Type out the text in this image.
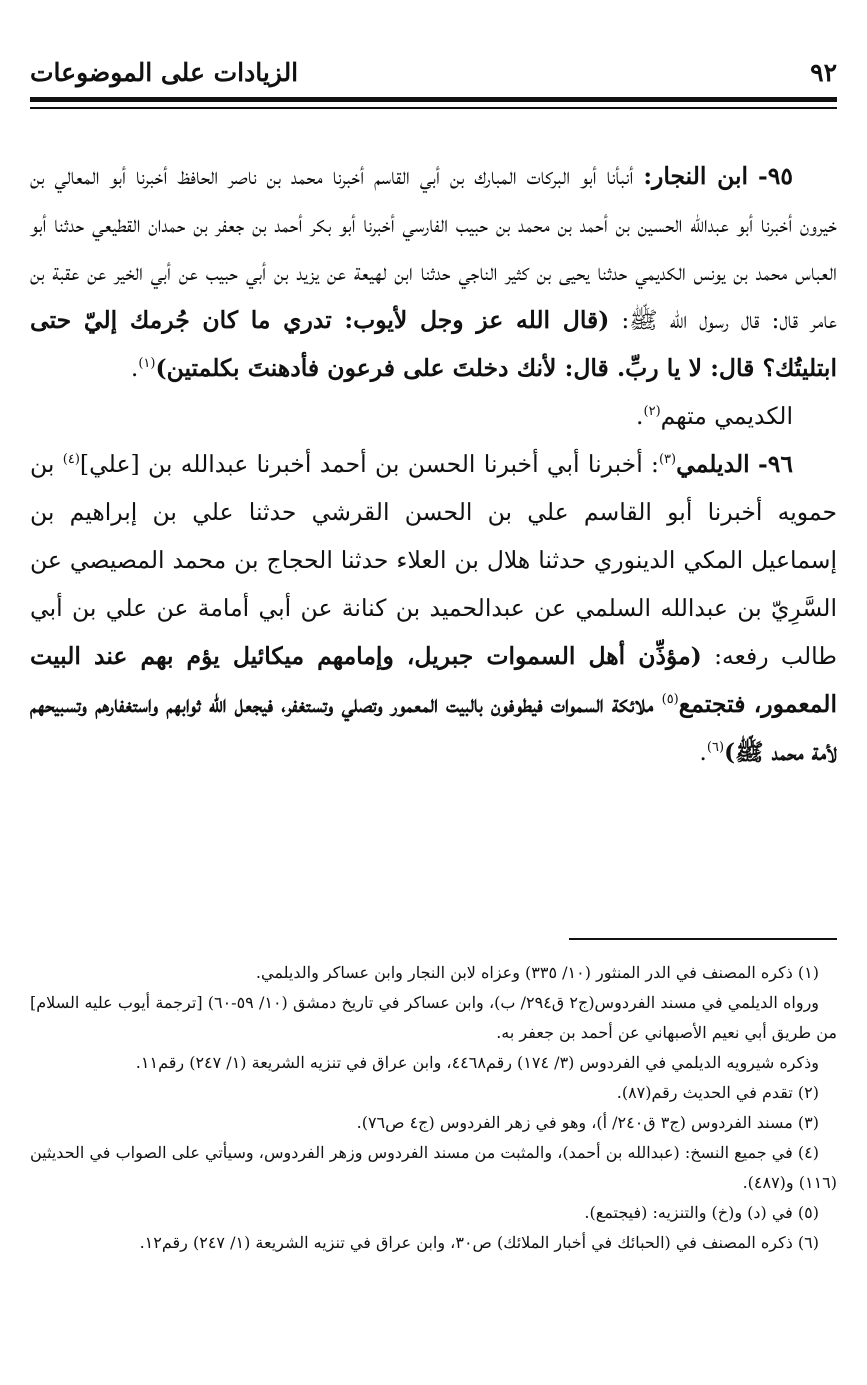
٩٢
الزيادات على الموضوعات

٩٥- ابن النجار: أنبأنا أبو البركات المبارك بن أبي القاسم أخبرنا محمد بن ناصر الحافظ أخبرنا أبو المعالي بن خيرون أخبرنا أبو عبدالله الحسين بن أحمد بن محمد بن حبيب الفارسي أخبرنا أبو بكر أحمد بن جعفر بن حمدان القطيعي حدثنا أبو العباس محمد بن يونس الكديمي حدثنا يحيى بن كثير الناجي حدثنا ابن لهيعة عن يزيد بن أبي حبيب عن أبي الخير عن عقبة بن عامر قال: قال رسول الله ﷺ: (قال الله عز وجل لأيوب: تدري ما كان جُرمك إليّ حتى ابتليتُك؟ قال: لا يا ربِّ. قال: لأنك دخلتَ على فرعون فأدهنتَ بكلمتين)$^{(١)}$.

الكديمي متهم$^{(٢)}$.

٩٦- الديلمي$^{(٣)}$: أخبرنا أبي أخبرنا الحسن بن أحمد أخبرنا عبدالله بن [علي]$^{(٤)}$ بن حمويه أخبرنا أبو القاسم علي بن الحسن القرشي حدثنا علي بن إبراهيم بن إسماعيل المكي الدينوري حدثنا هلال بن العلاء حدثنا الحجاج بن محمد المصيصي عن السَّرِيّ بن عبدالله السلمي عن عبدالحميد بن كنانة عن أبي أمامة عن علي بن أبي طالب رفعه: (مؤذِّن أهل السموات جبريل، وإمامهم ميكائيل يؤم بهم عند البيت المعمور، فتجتمع$^{(٥)}$ ملائكة السموات فيطوفون بالبيت المعمور وتصلي وتستغفر، فيجعل الله ثوابهم واستغفارهم وتسبيحهم لأمة محمد ﷺ)$^{(٦)}$.

(١) ذكره المصنف في الدر المنثور (١٠/ ٣٣٥) وعزاه لابن النجار وابن عساكر والديلمي.

ورواه الديلمي في مسند الفردوس(ج٢ ق٢٩٤/ ب)، وابن عساكر في تاريخ دمشق (١٠/ ٥٩-٦٠) [ترجمة أيوب عليه السلام] من طريق أبي نعيم الأصبهاني عن أحمد بن جعفر به.

وذكره شيرويه الديلمي في الفردوس (٣/ ١٧٤) رقم٤٤٦٨، وابن عراق في تنزيه الشريعة (١/ ٢٤٧) رقم١١.

(٢) تقدم في الحديث رقم(٨٧).

(٣) مسند الفردوس (ج٣ ق٢٤٠/ أ)، وهو في زهر الفردوس (ج٤ ص٧٦).

(٤) في جميع النسخ: (عبدالله بن أحمد)، والمثبت من مسند الفردوس وزهر الفردوس، وسيأتي على الصواب في الحديثين (١١٦) و(٤٨٧).

(٥) في (د) و(خ) والتنزيه: (فيجتمع).

(٦) ذكره المصنف في (الحبائك في أخبار الملائك) ص٣٠، وابن عراق في تنزيه الشريعة (١/ ٢٤٧) رقم١٢.
